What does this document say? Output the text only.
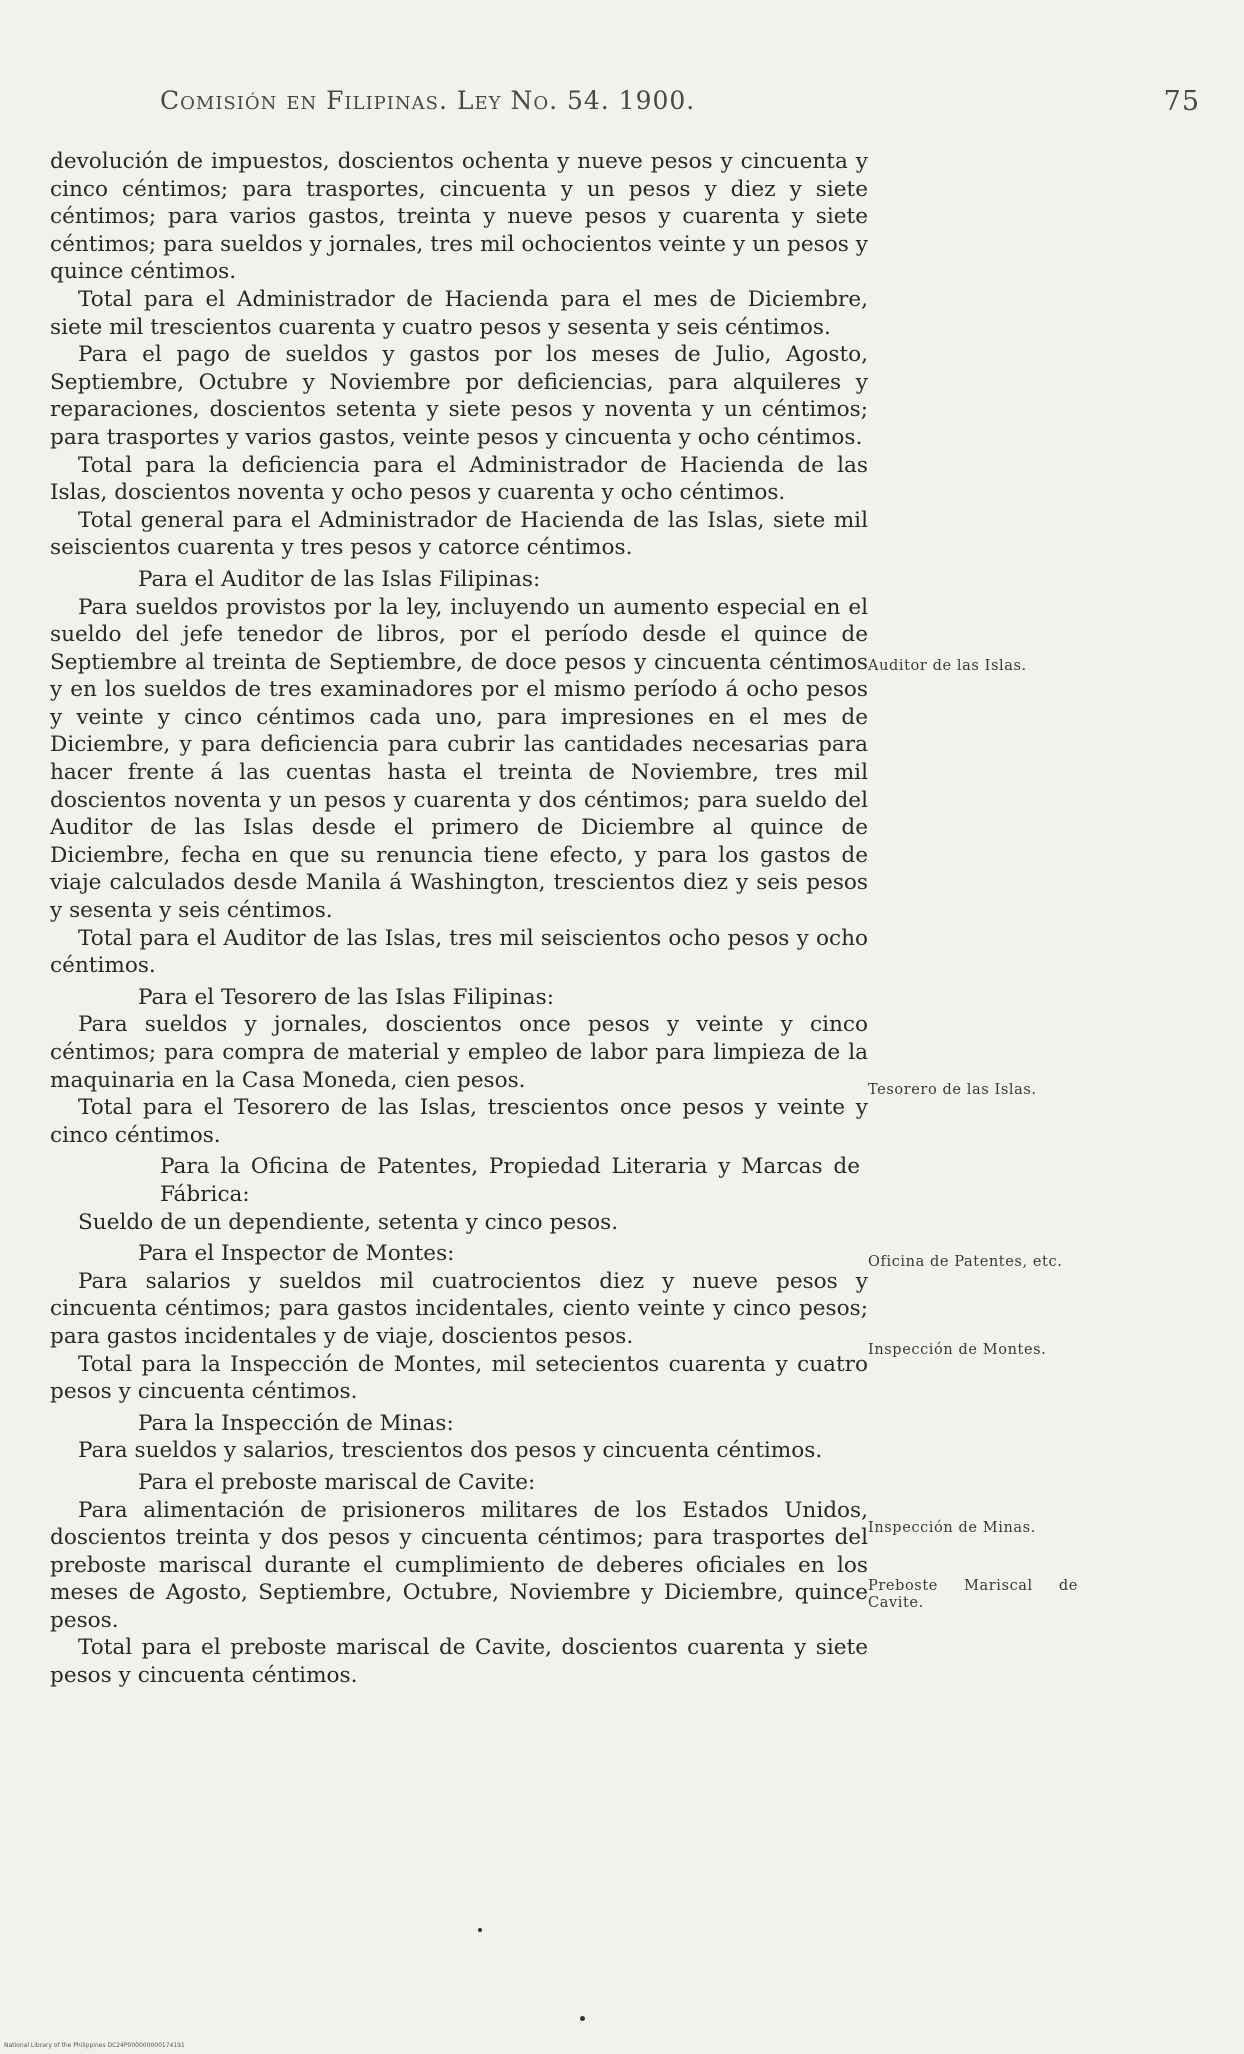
Comisión en Filipinas. Ley No. 54. 1900.	75

devolución de impuestos, doscientos ochenta y nueve pesos y cincuenta y cinco céntimos; para trasportes, cincuenta y un pesos y diez y siete céntimos; para varios gastos, treinta y nueve pesos y cuarenta y siete céntimos; para sueldos y jornales, tres mil ochocientos veinte y un pesos y quince céntimos.

Total para el Administrador de Hacienda para el mes de Diciembre, siete mil trescientos cuarenta y cuatro pesos y sesenta y seis céntimos.

Para el pago de sueldos y gastos por los meses de Julio, Agosto, Septiembre, Octubre y Noviembre por deficiencias, para alquileres y reparaciones, doscientos setenta y siete pesos y noventa y un céntimos; para trasportes y varios gastos, veinte pesos y cincuenta y ocho céntimos.

Total para la deficiencia para el Administrador de Hacienda de las Islas, doscientos noventa y ocho pesos y cuarenta y ocho céntimos.

Total general para el Administrador de Hacienda de las Islas, siete mil seiscientos cuarenta y tres pesos y catorce céntimos.

Para el Auditor de las Islas Filipinas:

Para sueldos provistos por la ley, incluyendo un aumento especial en el sueldo del jefe tenedor de libros, por el período desde el quince de Septiembre al treinta de Septiembre, de doce pesos y cincuenta céntimos y en los sueldos de tres examinadores por el mismo período á ocho pesos y veinte y cinco céntimos cada uno, para impresiones en el mes de Diciembre, y para deficiencia para cubrir las cantidades necesarias para hacer frente á las cuentas hasta el treinta de Noviembre, tres mil doscientos noventa y un pesos y cuarenta y dos céntimos; para sueldo del Auditor de las Islas desde el primero de Diciembre al quince de Diciembre, fecha en que su renuncia tiene efecto, y para los gastos de viaje calculados desde Manila á Washington, trescientos diez y seis pesos y sesenta y seis céntimos.

Total para el Auditor de las Islas, tres mil seiscientos ocho pesos y ocho céntimos.

Para el Tesorero de las Islas Filipinas:

Para sueldos y jornales, doscientos once pesos y veinte y cinco céntimos; para compra de material y empleo de labor para limpieza de la maquinaria en la Casa Moneda, cien pesos.

Total para el Tesorero de las Islas, trescientos once pesos y veinte y cinco céntimos.

Para la Oficina de Patentes, Propiedad Literaria y Marcas de Fábrica:

Sueldo de un dependiente, setenta y cinco pesos.

Para el Inspector de Montes:

Para salarios y sueldos mil cuatrocientos diez y nueve pesos y cincuenta céntimos; para gastos incidentales, ciento veinte y cinco pesos; para gastos incidentales y de viaje, doscientos pesos.

Total para la Inspección de Montes, mil setecientos cuarenta y cuatro pesos y cincuenta céntimos.

Para la Inspección de Minas:

Para sueldos y salarios, trescientos dos pesos y cincuenta céntimos.

Para el preboste mariscal de Cavite:

Para alimentación de prisioneros militares de los Estados Unidos, doscientos treinta y dos pesos y cincuenta céntimos; para trasportes del preboste mariscal durante el cumplimiento de deberes oficiales en los meses de Agosto, Septiembre, Octubre, Noviembre y Diciembre, quince pesos.

Total para el preboste mariscal de Cavite, doscientos cuarenta y siete pesos y cincuenta céntimos.

Auditor de las Islas.
Tesorero de las Islas.
Oficina de Patentes, etc.
Inspección de Montes.
Inspección de Minas.
Preboste Mariscal de Cavite.
National Library of the Philippines DC24P000000000174191
